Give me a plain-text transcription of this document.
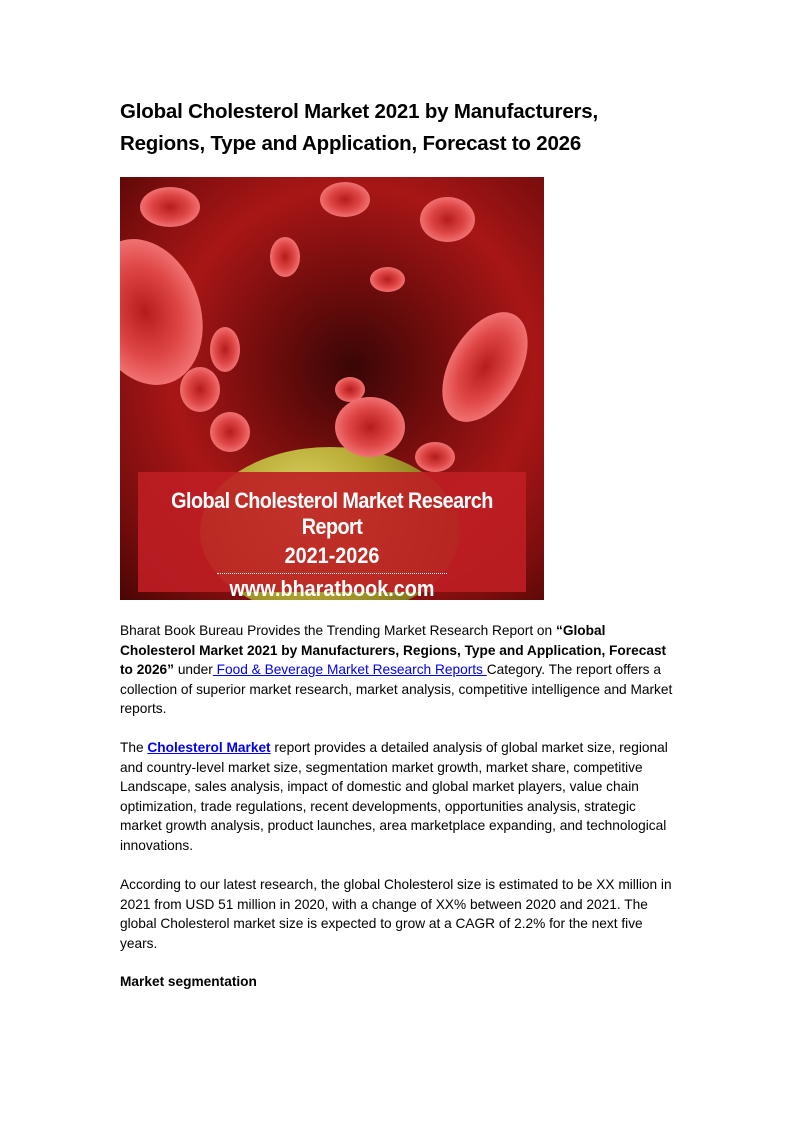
Global Cholesterol Market 2021 by Manufacturers, Regions, Type and Application, Forecast to 2026
Global Cholesterol Market Research Report
2021-2026
www.bharatbook.com

Bharat Book Bureau Provides the Trending Market Research Report on “Global Cholesterol Market 2021 by Manufacturers, Regions, Type and Application, Forecast to 2026” under Food & Beverage Market Research Reports Category. The report offers a collection of superior market research, market analysis, competitive intelligence and Market reports.

The Cholesterol Market report provides a detailed analysis of global market size, regional and country-level market size, segmentation market growth, market share, competitive Landscape, sales analysis, impact of domestic and global market players, value chain optimization, trade regulations, recent developments, opportunities analysis, strategic market growth analysis, product launches, area marketplace expanding, and technological innovations.

According to our latest research, the global Cholesterol size is estimated to be XX million in 2021 from USD 51 million in 2020, with a change of XX% between 2020 and 2021. The global Cholesterol market size is expected to grow at a CAGR of 2.2% for the next five years.

Market segmentation
